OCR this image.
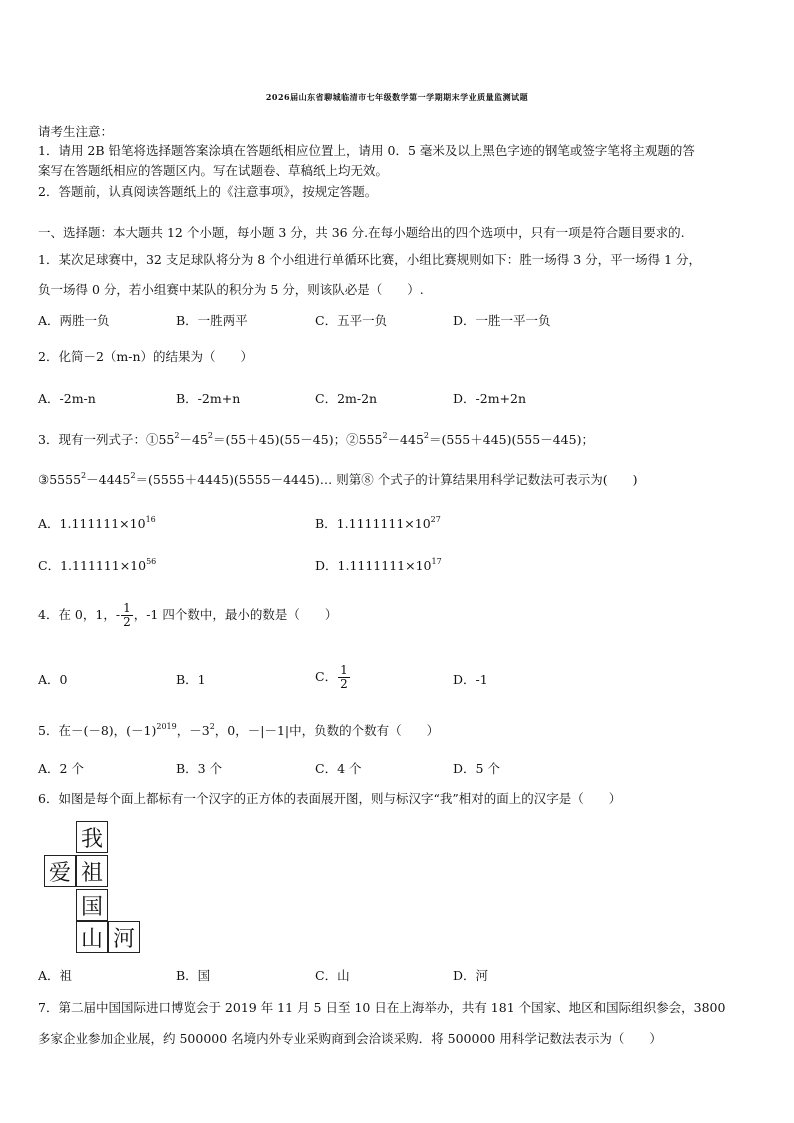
2026届山东省聊城临清市七年级数学第一学期期末学业质量监测试题
请考生注意：
1．请用 2B 铅笔将选择题答案涂填在答题纸相应位置上，请用 0．5 毫米及以上黑色字迹的钢笔或签字笔将主观题的答
案写在答题纸相应的答题区内。写在试题卷、草稿纸上均无效。
2．答题前，认真阅读答题纸上的《注意事项》，按规定答题。
一、选择题：本大题共 12 个小题，每小题 3 分，共 36 分.在每小题给出的四个选项中，只有一项是符合题目要求的.
1．某次足球赛中，32 支足球队将分为 8 个小组进行单循环比赛，小组比赛规则如下：胜一场得 3 分，平一场得 1 分，
负一场得 0 分，若小组赛中某队的积分为 5 分，则该队必是（　　）.
A．两胜一负	B．一胜两平	C．五平一负	D．一胜一平一负
2．化简－2（m-n）的结果为（　　）
A．-2m-n	B．-2m+n	C．2m-2n	D．-2m+2n
3．现有一列式子：$①55^2-45^2=(55+45)(55-45)$；$②555^2-445^2=(555+445)(555-445)$；
$③5555^2-4445^2=(5555+4445)(5555-4445)\dots$ 则第⑧ 个式子的计算结果用科学记数法可表示为(　　)
A．$1.111111\times 10^{16}$	B．$1.1111111\times 10^{27}$
C．$1.111111\times 10^{56}$	D．$1.1111111\times 10^{17}$
4．在 0，1，- $\frac{1}{2}$ ，-1 四个数中，最小的数是（　　）
A．0	B．1	C． $\frac{1}{2}$	D．-1
5．在－(－8)，$(-1)^{2019}$，$-3^2$，0，－|－1|中，负数的个数有（　　）
A．2 个	B．3 个	C．4 个	D．5 个
6．如图是每个面上都标有一个汉字的正方体的表面展开图，则与标汉字“我”相对的面上的汉字是（　　）
我
爱 祖
国
山 河
A．祖	B．国	C．山	D．河
7．第二届中国国际进口博览会于 2019 年 11 月 5 日至 10 日在上海举办，共有 181 个国家、地区和国际组织参会，3800
多家企业参加企业展，约 500000 名境内外专业采购商到会洽谈采购．将 500000 用科学记数法表示为（　　）
